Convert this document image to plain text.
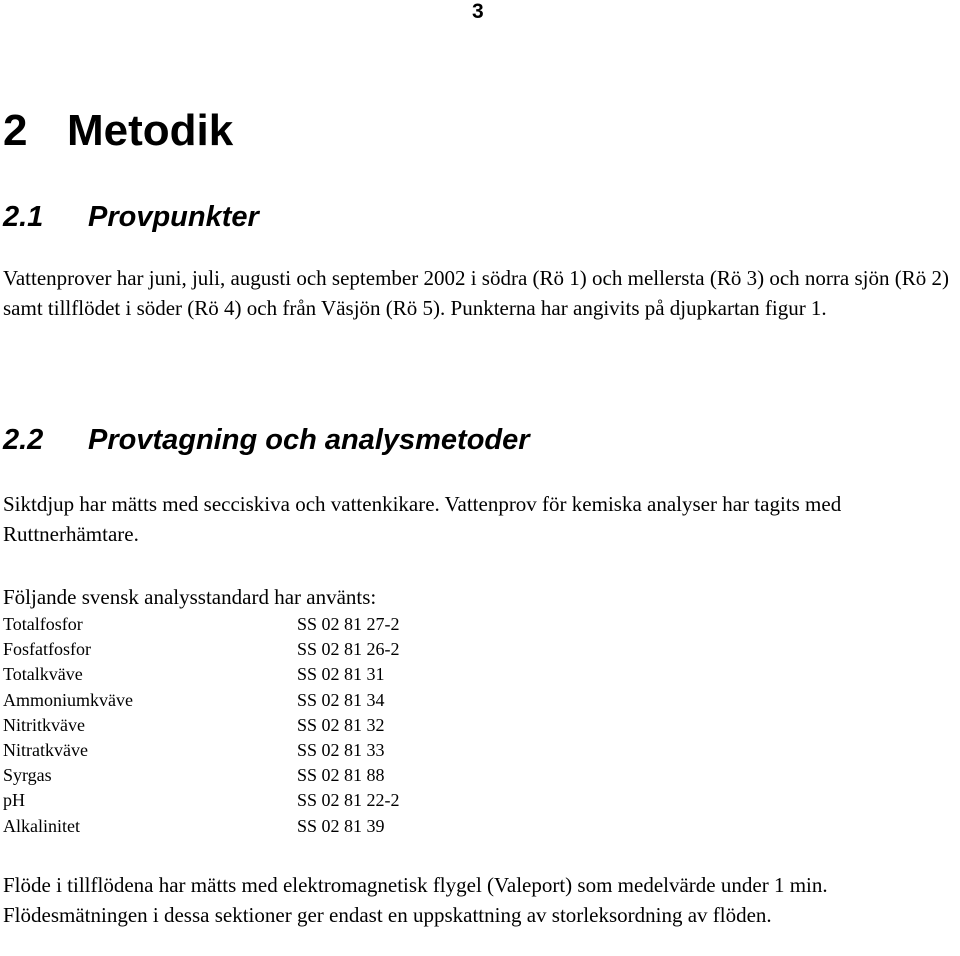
3
2 Metodik
2.1 Provpunkter

Vattenprover har juni, juli, augusti och september 2002 i södra (Rö 1) och mellersta (Rö 3) och norra sjön (Rö 2) samt tillflödet i söder (Rö 4) och från Väsjön (Rö 5). Punkterna har angivits på djupkartan figur 1.

2.2 Provtagning och analysmetoder

Siktdjup har mätts med secciskiva och vattenkikare. Vattenprov för kemiska analyser har tagits med Ruttnerhämtare.

Följande svensk analysstandard har använts:

Totalfosfor	SS 02 81 27-2
Fosfatfosfor	SS 02 81 26-2
Totalkväve	SS 02 81 31
Ammoniumkväve	SS 02 81 34
Nitritkväve	SS 02 81 32
Nitratkväve	SS 02 81 33
Syrgas	SS 02 81 88
pH	SS 02 81 22-2
Alkalinitet	SS 02 81 39

Flöde i tillflödena har mätts med elektromagnetisk flygel (Valeport) som medelvärde under 1 min. Flödesmätningen i dessa sektioner ger endast en uppskattning av storleksordning av flöden.
